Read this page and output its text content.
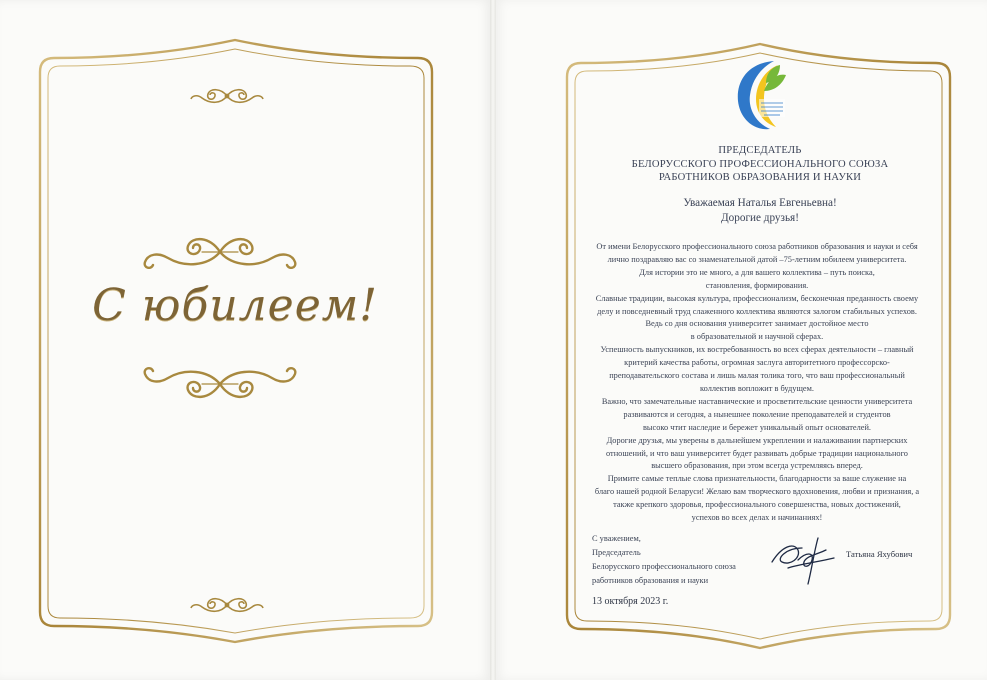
С юбилеем!
ПРЕДСЕДАТЕЛЬ
БЕЛОРУССКОГО ПРОФЕССИОНАЛЬНОГО СОЮЗА
РАБОТНИКОВ ОБРАЗОВАНИЯ И НАУКИ
Уважаемая Наталья Евгеньевна!
Дорогие друзья!

От имени Белорусского профессионального союза работников образования и науки и себя

лично поздравляю вас со знаменательной датой –75-летним юбилеем университета.

Для истории это не много, а для вашего коллектива – путь поиска,

становления, формирования.

Славные традиции, высокая культура, профессионализм, бесконечная преданность своему

делу и повседневный труд слаженного коллектива являются залогом стабильных успехов.

Ведь со дня основания университет занимает достойное место

в образовательной и научной сферах.

Успешность выпускников, их востребованность во всех сферах деятельности – главный

критерий качества работы, огромная заслуга авторитетного профессорско-

преподавательского состава и лишь малая толика того, что ваш профессиональный

коллектив вопложит в будущем.

Важно, что замечательные наставнические и просветительские ценности университета

развиваются и сегодня, а нынешнее поколение преподавателей и студентов

высоко чтит наследие и бережет уникальный опыт основателей.

Дорогие друзья, мы уверены в дальнейшем укреплении и налаживании партнерских

отношений, и что ваш университет будет развивать добрые традиции национального

высшего образования, при этом всегда устремляясь вперед.

Примите самые теплые слова признательности, благодарности за ваше служение на

благо нашей родной Беларуси! Желаю вам творческого вдохновения, любви и признания, а

также крепкого здоровья, профессионального совершенства, новых достижений,

успехов во всех делах и начинаниях!

С уважением,
Председатель
Белорусского профессионального союза
работников образования и науки
13 октября 2023 г.
Татьяна Яхубович
